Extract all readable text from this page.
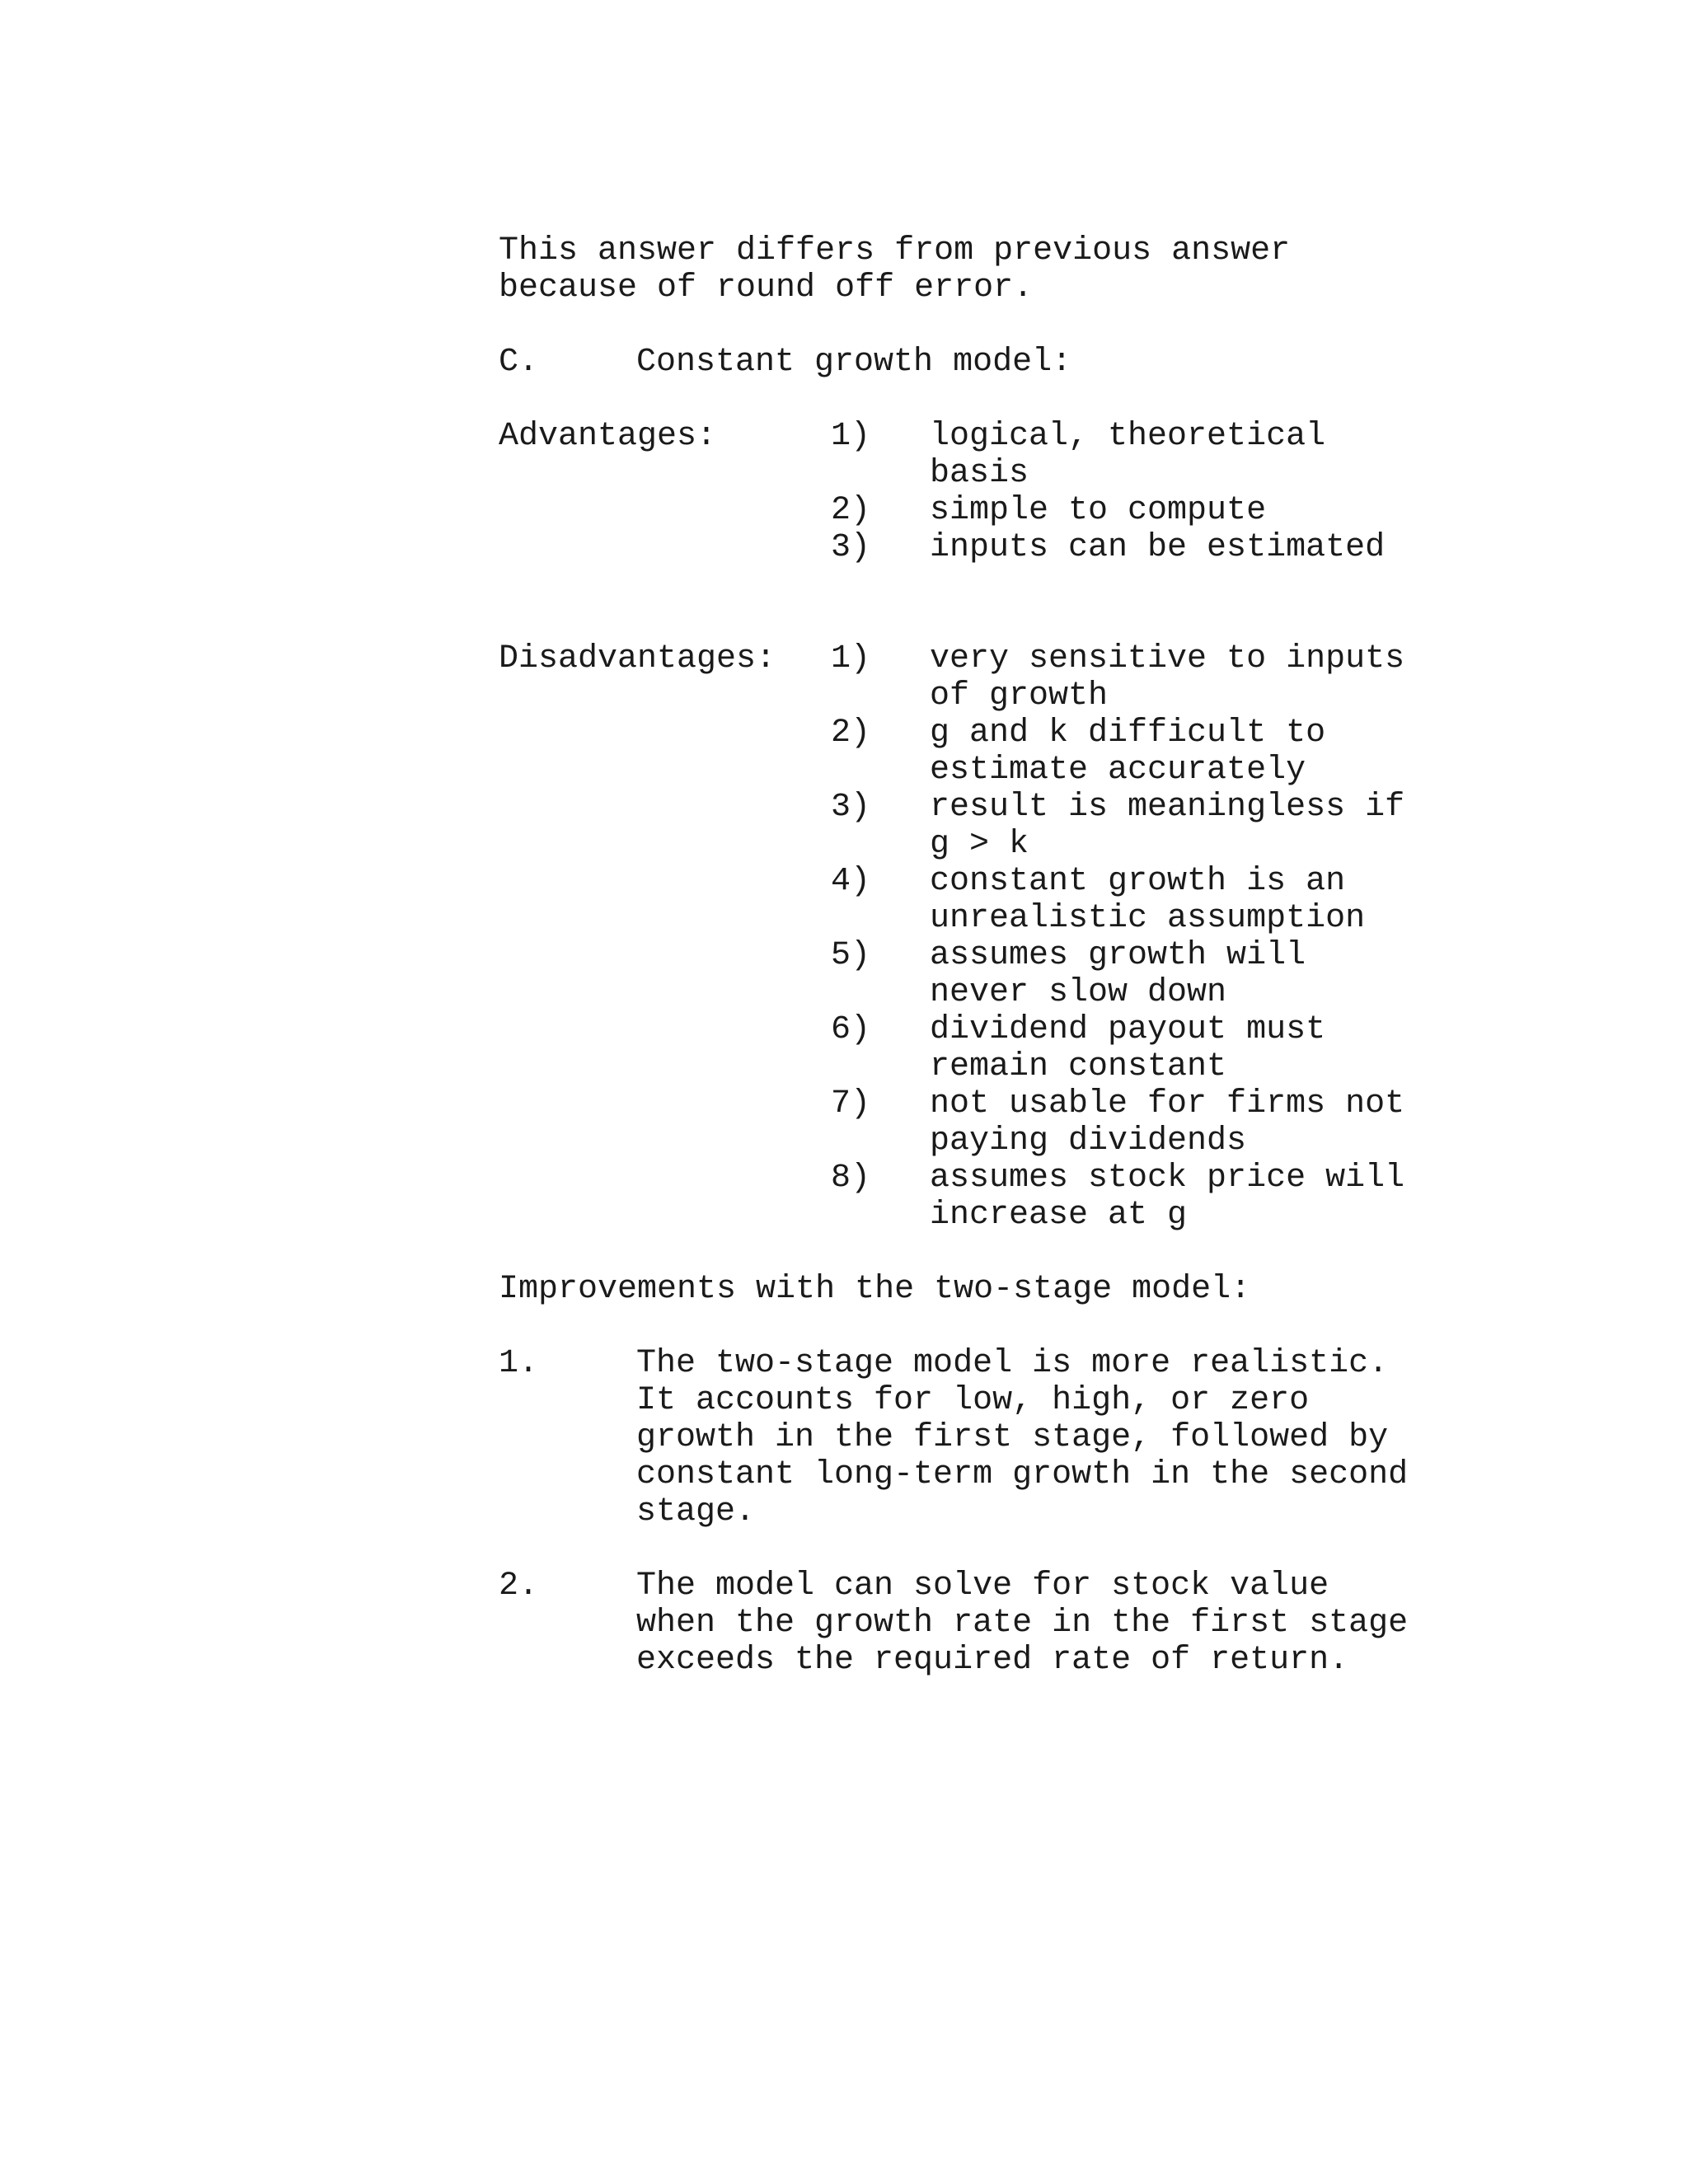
This answer differs from previous answer
because of round off error.
C.	Constant growth model:
Advantages:	1) logical, theoretical
basis
2) simple to compute
3) inputs can be estimated
Disadvantages: 1) very sensitive to inputs
of growth
2) g and k difficult to
estimate accurately
3) result is meaningless if
g > k
4) constant growth is an
unrealistic assumption
5) assumes growth will
never slow down
6) dividend payout must
remain constant
7) not usable for firms not
paying dividends
8) assumes stock price will
increase at g
Improvements with the two-stage model:
1.	The two-stage model is more realistic.
It accounts for low, high, or zero
growth in the first stage, followed by
constant long-term growth in the second
stage.
2.	The model can solve for stock value
when the growth rate in the first stage
exceeds the required rate of return.
